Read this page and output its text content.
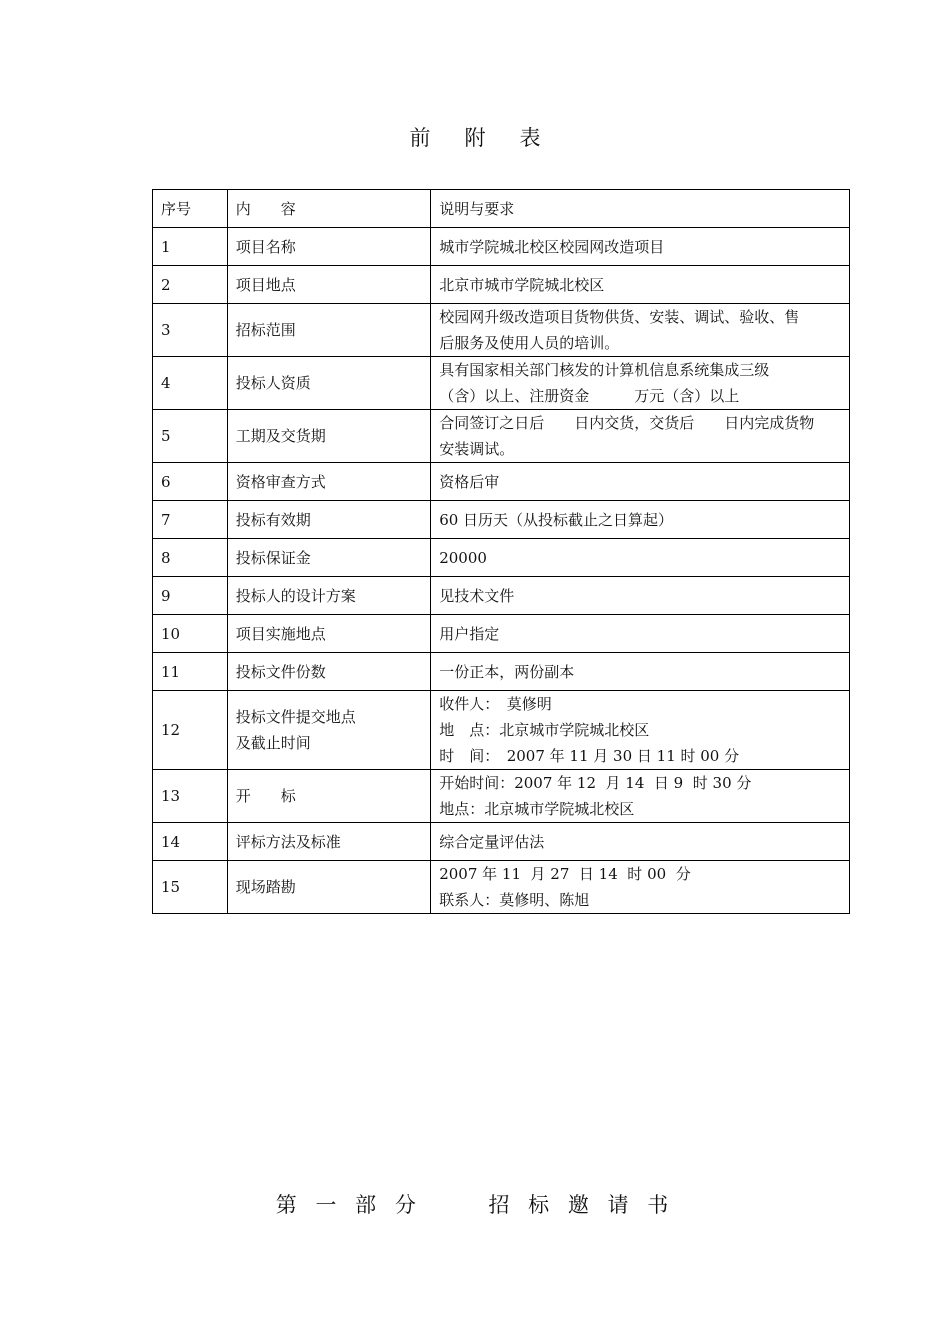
前附表
序号	内　　容	说明与要求
1	项目名称	城市学院城北校区校园网改造项目

2	项目地点	北京市城市学院城北校区

3	招标范围	校园网升级改造项目货物供货、安装、调试、验收、售
后服务及使用人员的培训。

4	投标人资质	具有国家相关部门核发的计算机信息系统集成三级
（含）以上、注册资金　　　万元（含）以上

5	工期及交货期	合同签订之日后　　日内交货，交货后　　日内完成货物
安装调试。

6	资格审查方式	资格后审

7	投标有效期	60 日历天（从投标截止之日算起）

8	投标保证金	20000

9	投标人的设计方案	见技术文件

10	项目实施地点	用户指定

11	投标文件份数	一份正本，两份副本

12	投标文件提交地点
及截止时间	收件人：　莫修明
地　点：北京城市学院城北校区
时　间：　2007 年 11 月 30 日 11 时 00 分

13	开　　标	开始时间：2007 年 12  月 14  日 9  时 30 分
地点：北京城市学院城北校区

14	评标方法及标准	综合定量评估法

15	现场踏勘	2007 年 11  月 27  日 14  时 00  分
联系人：莫修明、陈旭
第 一 部 分　　 招 标 邀 请 书
